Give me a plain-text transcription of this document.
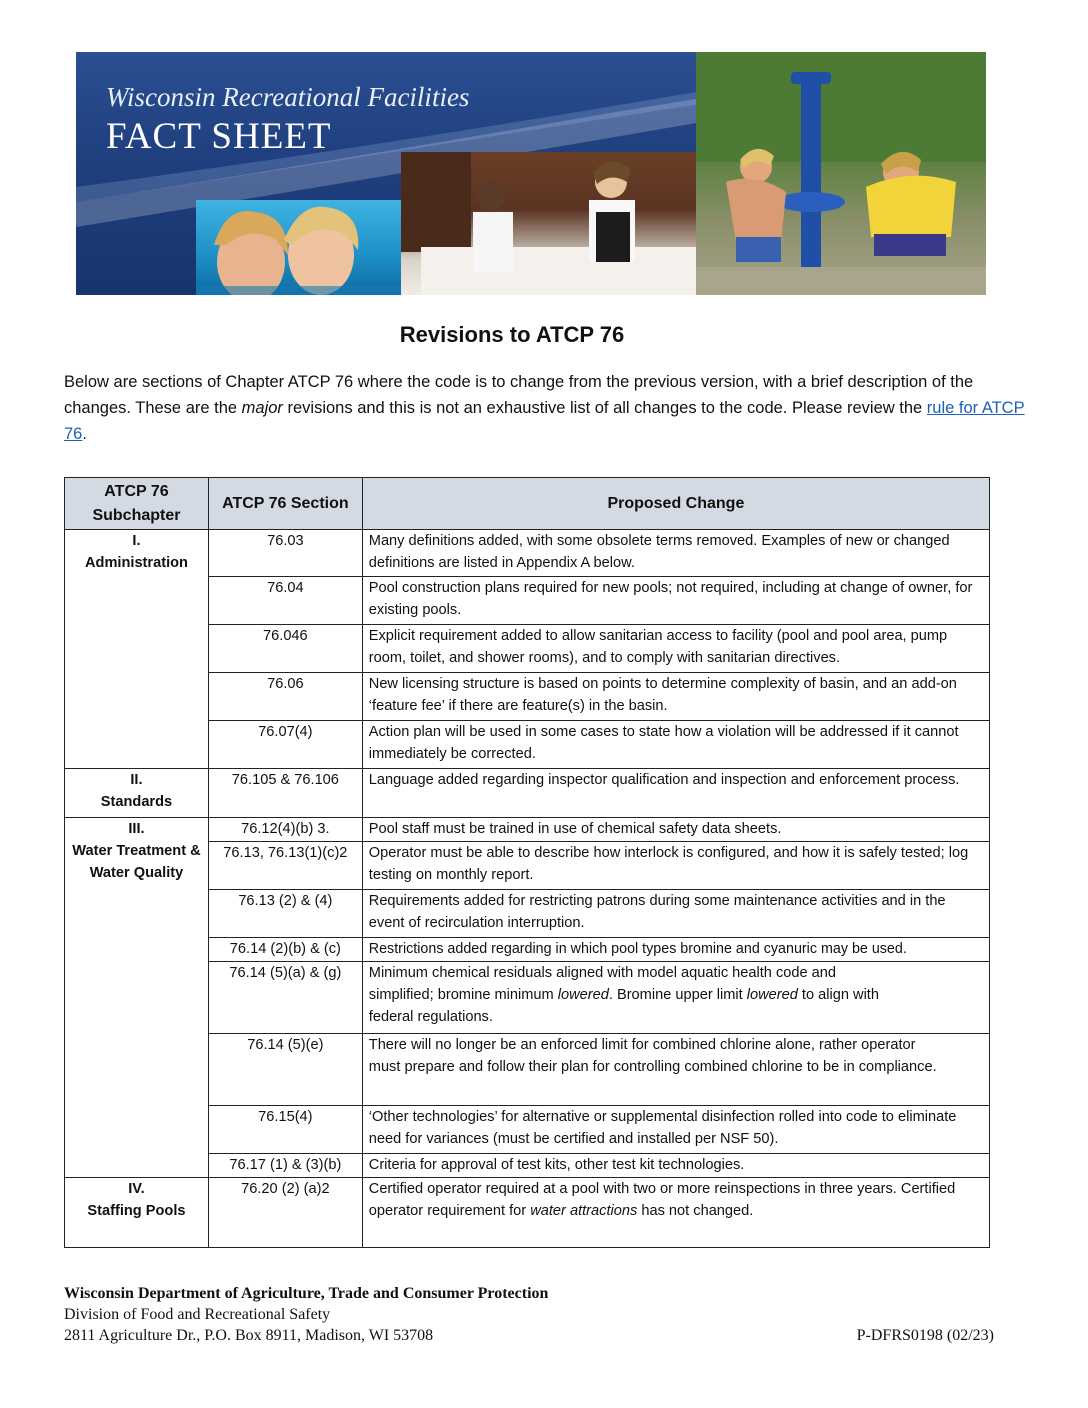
Wisconsin Recreational Facilities
FACT SHEET
Revisions to ATCP 76
Below are sections of Chapter ATCP 76 where the code is to change from the previous version, with a brief description of the changes. These are the major revisions and this is not an exhaustive list of all changes to the code. Please review the rule for ATCP 76.
ATCP 76 Subchapter	ATCP 76 Section	Proposed Change

I.
Administration	76.03	Many definitions added, with some obsolete terms removed. Examples of new or changed definitions are listed in Appendix A below.
	76.04	Pool construction plans required for new pools; not required, including at change of owner, for existing pools.
	76.046	Explicit requirement added to allow sanitarian access to facility (pool and pool area, pump room, toilet, and shower rooms), and to comply with sanitarian directives.
	76.06	New licensing structure is based on points to determine complexity of basin, and an add-on ‘feature fee’ if there are feature(s) in the basin.
	76.07(4)	Action plan will be used in some cases to state how a violation will be addressed if it cannot immediately be corrected.

II.
Standards	76.105 & 76.106	Language added regarding inspector qualification and inspection and enforcement process.

III.
Water Treatment & Water Quality	76.12(4)(b) 3.	Pool staff must be trained in use of chemical safety data sheets.
	76.13, 76.13(1)(c)2	Operator must be able to describe how interlock is configured, and how it is safely tested; log testing on monthly report.
	76.13 (2) & (4)	Requirements added for restricting patrons during some maintenance activities and in the event of recirculation interruption.
	76.14 (2)(b) & (c)	Restrictions added regarding in which pool types bromine and cyanuric may be used.
	76.14 (5)(a) & (g)	Minimum chemical residuals aligned with model aquatic health code and simplified; bromine minimum lowered. Bromine upper limit lowered to align with federal regulations.
	76.14 (5)(e)	There will no longer be an enforced limit for combined chlorine alone, rather operator must prepare and follow their plan for controlling combined chlorine to be in compliance.
	76.15(4)	‘Other technologies’ for alternative or supplemental disinfection rolled into code to eliminate need for variances (must be certified and installed per NSF 50).
	76.17 (1) & (3)(b)	Criteria for approval of test kits, other test kit technologies.

IV.
Staffing Pools	76.20 (2) (a)2	Certified operator required at a pool with two or more reinspections in three years. Certified operator requirement for water attractions has not changed.
Wisconsin Department of Agriculture, Trade and Consumer Protection
Division of Food and Recreational Safety
2811 Agriculture Dr., P.O. Box 8911, Madison, WI 53708	P-DFRS0198 (02/23)
